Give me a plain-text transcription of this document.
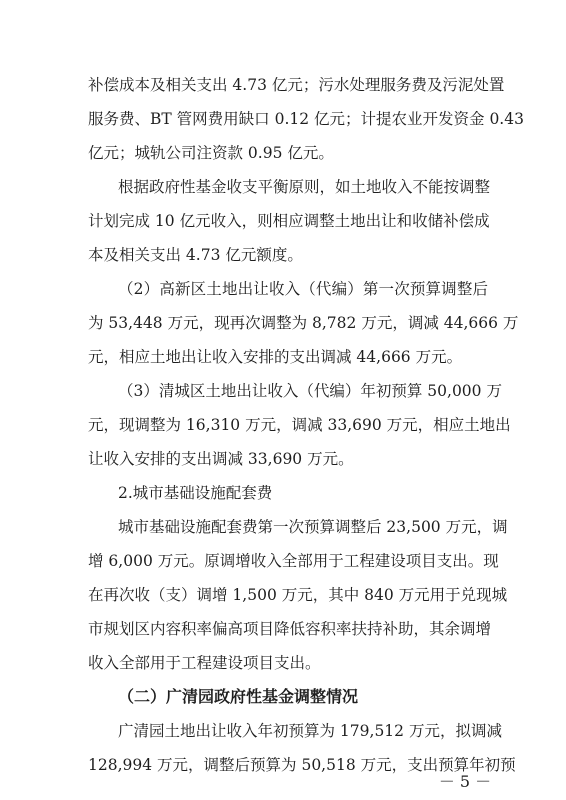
补偿成本及相关支出 4.73 亿元；污水处理服务费及污泥处置
服务费、BT 管网费用缺口 0.12 亿元；计提农业开发资金 0.43
亿元；城轨公司注资款 0.95 亿元。
根据政府性基金收支平衡原则，如土地收入不能按调整
计划完成 10 亿元收入，则相应调整土地出让和收储补偿成
本及相关支出 4.73 亿元额度。
（2）高新区土地出让收入（代编）第一次预算调整后
为 53,448 万元，现再次调整为 8,782 万元，调减 44,666 万
元，相应土地出让收入安排的支出调减 44,666 万元。
（3）清城区土地出让收入（代编）年初预算 50,000 万
元，现调整为 16,310 万元，调减 33,690 万元，相应土地出
让收入安排的支出调减 33,690 万元。
2.城市基础设施配套费
城市基础设施配套费第一次预算调整后 23,500 万元，调
增 6,000 万元。原调增收入全部用于工程建设项目支出。现
在再次收（支）调增 1,500 万元，其中 840 万元用于兑现城
市规划区内容积率偏高项目降低容积率扶持补助，其余调增
收入全部用于工程建设项目支出。
（二）广清园政府性基金调整情况
广清园土地出让收入年初预算为 179,512 万元，拟调减
128,994 万元，调整后预算为 50,518 万元，支出预算年初预
－ 5 －
